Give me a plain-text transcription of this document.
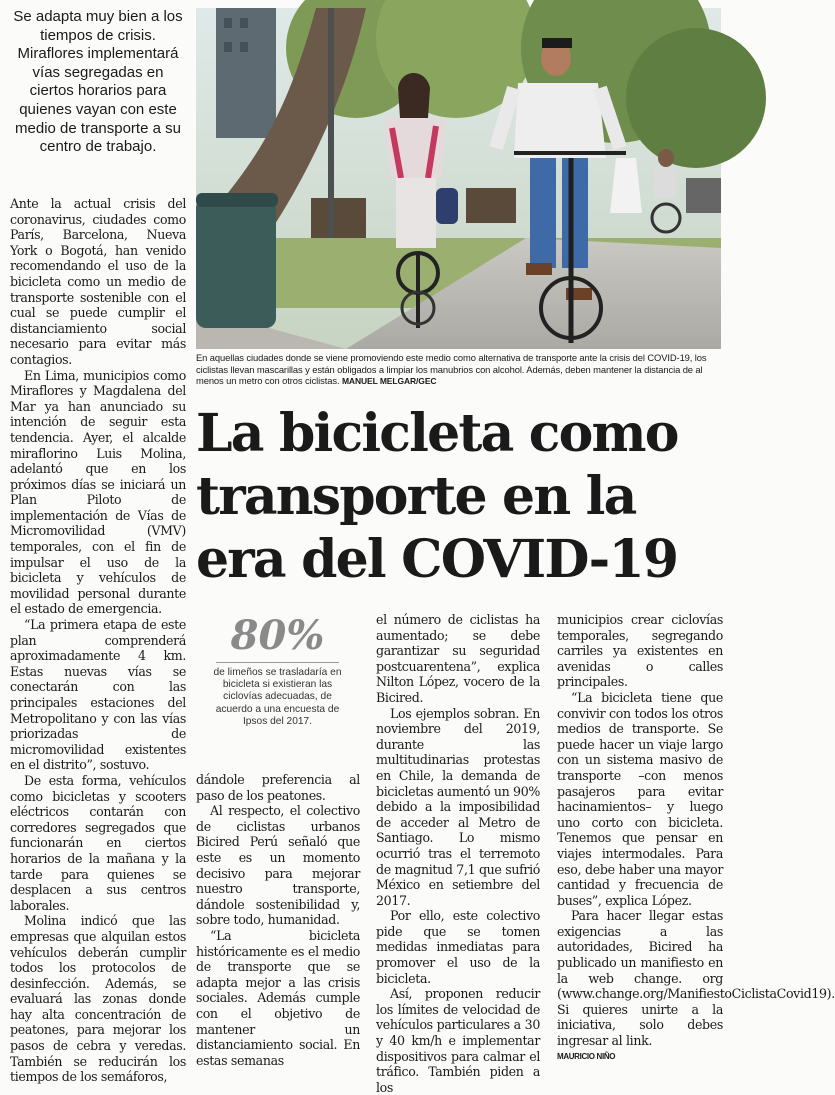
Se adapta muy bien a los tiempos de crisis. Miraflores implementará vías segregadas en ciertos horarios para quienes vayan con este medio de transporte a su centro de trabajo.
En aquellas ciudades donde se viene promoviendo este medio como alternativa de transporte ante la crisis del COVID-19, los ciclistas llevan mascarillas y están obligados a limpiar los manubrios con alcohol. Además, deben mantener la distancia de al menos un metro con otros ciclistas. MANUEL MELGAR/GEC
La bicicleta como
transporte en la
era del COVID-19
80%
de limeños se trasladaría en bicicleta si existieran las ciclovías adecuadas, de acuerdo a una encuesta de Ipsos del 2017.

Ante la actual crisis del coronavirus, ciudades como París, Barcelona, Nueva York o Bogotá, han venido recomendando el uso de la bicicleta como un medio de transporte sostenible con el cual se puede cumplir el distanciamiento social necesario para evitar más contagios.

En Lima, municipios como Miraflores y Magdalena del Mar ya han anunciado su intención de seguir esta tendencia. Ayer, el alcalde miraflorino Luis Molina, adelantó que en los próximos días se iniciará un Plan Piloto de implementación de Vías de Micromovilidad (VMV) temporales, con el fin de impulsar el uso de la bicicleta y vehículos de movilidad personal durante el estado de emergencia.

“La primera etapa de este plan comprenderá aproximadamente 4 km. Estas nuevas vías se conectarán con las principales estaciones del Metropolitano y con las vías priorizadas de micromovilidad existentes en el distrito”, sostuvo.

De esta forma, vehículos como bicicletas y scooters eléctricos contarán con corredores segregados que funcionarán en ciertos horarios de la mañana y la tarde para quienes se desplacen a sus centros laborales.

Molina indicó que las empresas que alquilan estos vehículos deberán cumplir todos los protocolos de desinfección. Además, se evaluará las zonas donde hay alta concentración de peatones, para mejorar los pasos de cebra y veredas. También se reducirán los tiempos de los semáforos,

dándole preferencia al paso de los peatones.

Al respecto, el colectivo de ciclistas urbanos Bicired Perú señaló que este es un momento decisivo para mejorar nuestro transporte, dándole sostenibilidad y, sobre todo, humanidad.

“La bicicleta históricamente es el medio de transporte que se adapta mejor a las crisis sociales. Además cumple con el objetivo de mantener un distanciamiento social. En estas semanas

el número de ciclistas ha aumentado; se debe garantizar su seguridad postcuarentena”, explica Nilton López, vocero de la Bicired.

Los ejemplos sobran. En noviembre del 2019, durante las multitudinarias protestas en Chile, la demanda de bicicletas aumentó un 90% debido a la imposibilidad de acceder al Metro de Santiago. Lo mismo ocurrió tras el terremoto de magnitud 7,1 que sufrió México en setiembre del 2017.

Por ello, este colectivo pide que se tomen medidas inmediatas para promover el uso de la bicicleta.

Así, proponen reducir los límites de velocidad de vehículos particulares a 30 y 40 km/h e implementar dispositivos para calmar el tráfico. También piden a los

municipios crear ciclovías temporales, segregando carriles ya existentes en avenidas o calles principales.

“La bicicleta tiene que convivir con todos los otros medios de transporte. Se puede hacer un viaje largo con un sistema masivo de transporte –con menos pasajeros para evitar hacinamientos– y luego uno corto con bicicleta. Tenemos que pensar en viajes intermodales. Para eso, debe haber una mayor cantidad y frecuencia de buses”, explica López.

Para hacer llegar estas exigencias a las autoridades, Bicired ha publicado un manifiesto en la web change. org (www.change.org/ManifiestoCiclistaCovid19). Si quieres unirte a la iniciativa, solo debes ingresar al link.

MAURICIO NIÑO
